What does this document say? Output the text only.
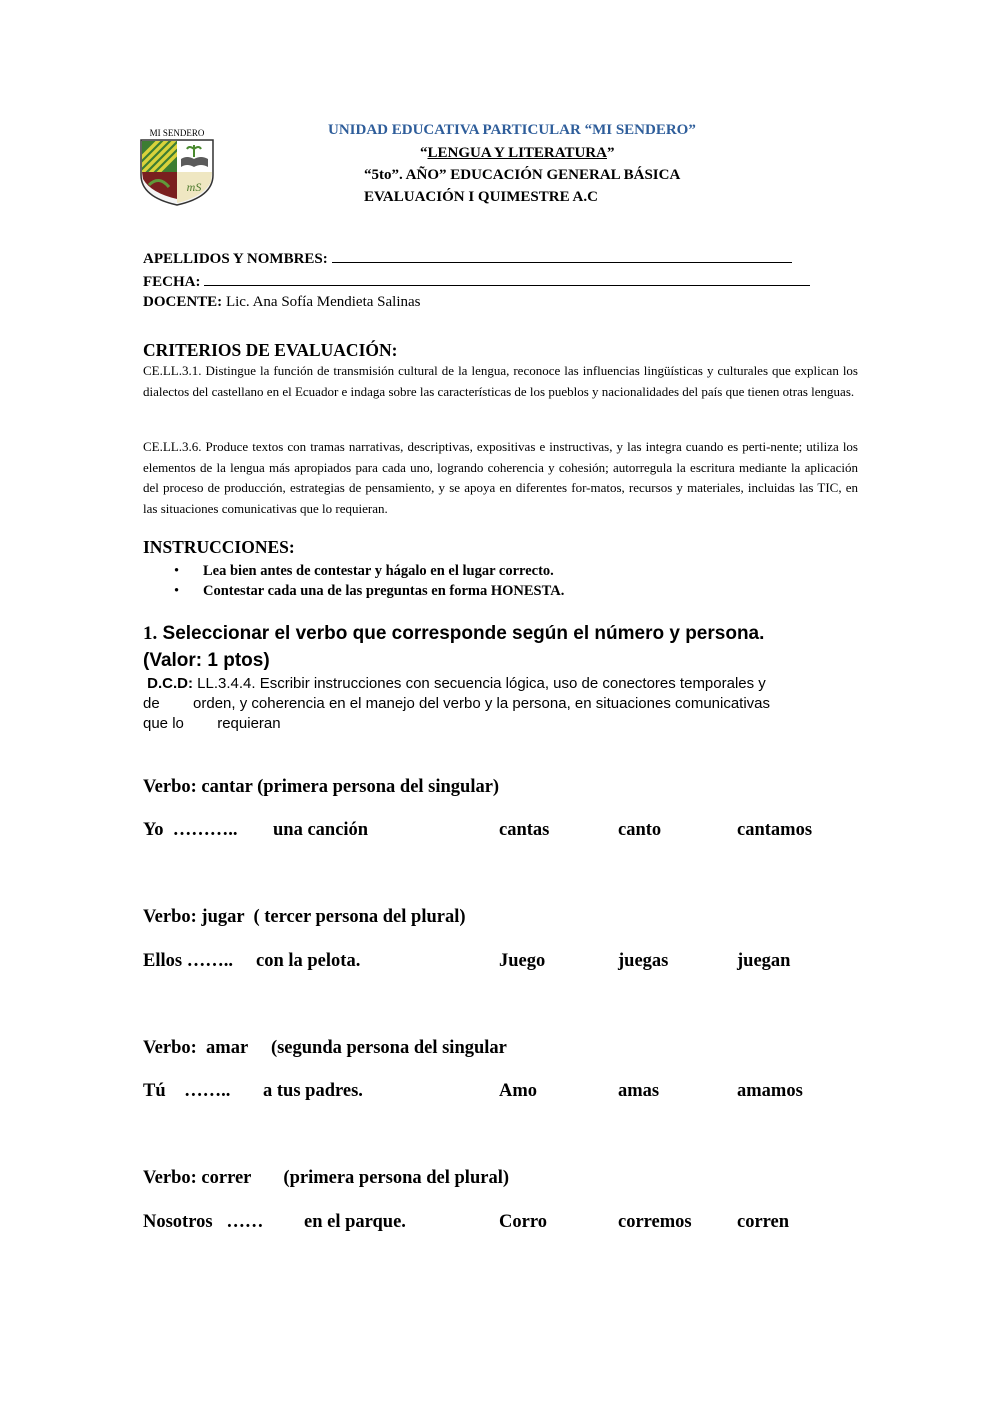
MI SENDERO
mS
UNIDAD EDUCATIVA PARTICULAR “MI SENDERO”
“LENGUA Y LITERATURA”
“5to”. AÑO” EDUCACIÓN GENERAL BÁSICA
EVALUACIÓN I QUIMESTRE A.C
APELLIDOS Y NOMBRES:
FECHA:
DOCENTE: Lic. Ana Sofía Mendieta Salinas
CRITERIOS DE EVALUACIÓN:
CE.LL.3.1. Distingue la función de transmisión cultural de la lengua, reconoce las influencias lingüísticas y culturales que explican los dialectos del castellano en el Ecuador e indaga sobre las características de los pueblos y nacionalidades del país que tienen otras lenguas.
CE.LL.3.6. Produce textos con tramas narrativas, descriptivas, expositivas e instructivas, y las integra cuando es perti-nente; utiliza los elementos de la lengua más apropiados para cada uno, logrando coherencia y cohesión; autorregula la escritura mediante la aplicación del proceso de producción, estrategias de pensamiento, y se apoya en diferentes for-matos, recursos y materiales, incluidas las TIC, en las situaciones comunicativas que lo requieran.
INSTRUCCIONES:
• Lea bien antes de contestar y hágalo en el lugar correcto.
• Contestar cada una de las preguntas en forma HONESTA.
1. Seleccionar el verbo que corresponde según el número y persona.
(Valor: 1 ptos)
D.C.D: LL.3.4.4. Escribir instrucciones con secuencia lógica, uso de conectores temporales y
de        orden, y coherencia en el manejo del verbo y la persona, en situaciones comunicativas
que lo        requieran
Verbo: cantar (primera persona del singular)
Yo  ……….. una canción	cantas	canto	cantamos
Verbo: jugar  ( tercer persona del plural)
Ellos …….. con la pelota.	Juego	juegas	juegan
Verbo:  amar     (segunda persona del singular
Tú    …….. a tus padres.	Amo	amas	amamos
Verbo: correr       (primera persona del plural)
Nosotros   …… en el parque.	Corro	corremos corren
